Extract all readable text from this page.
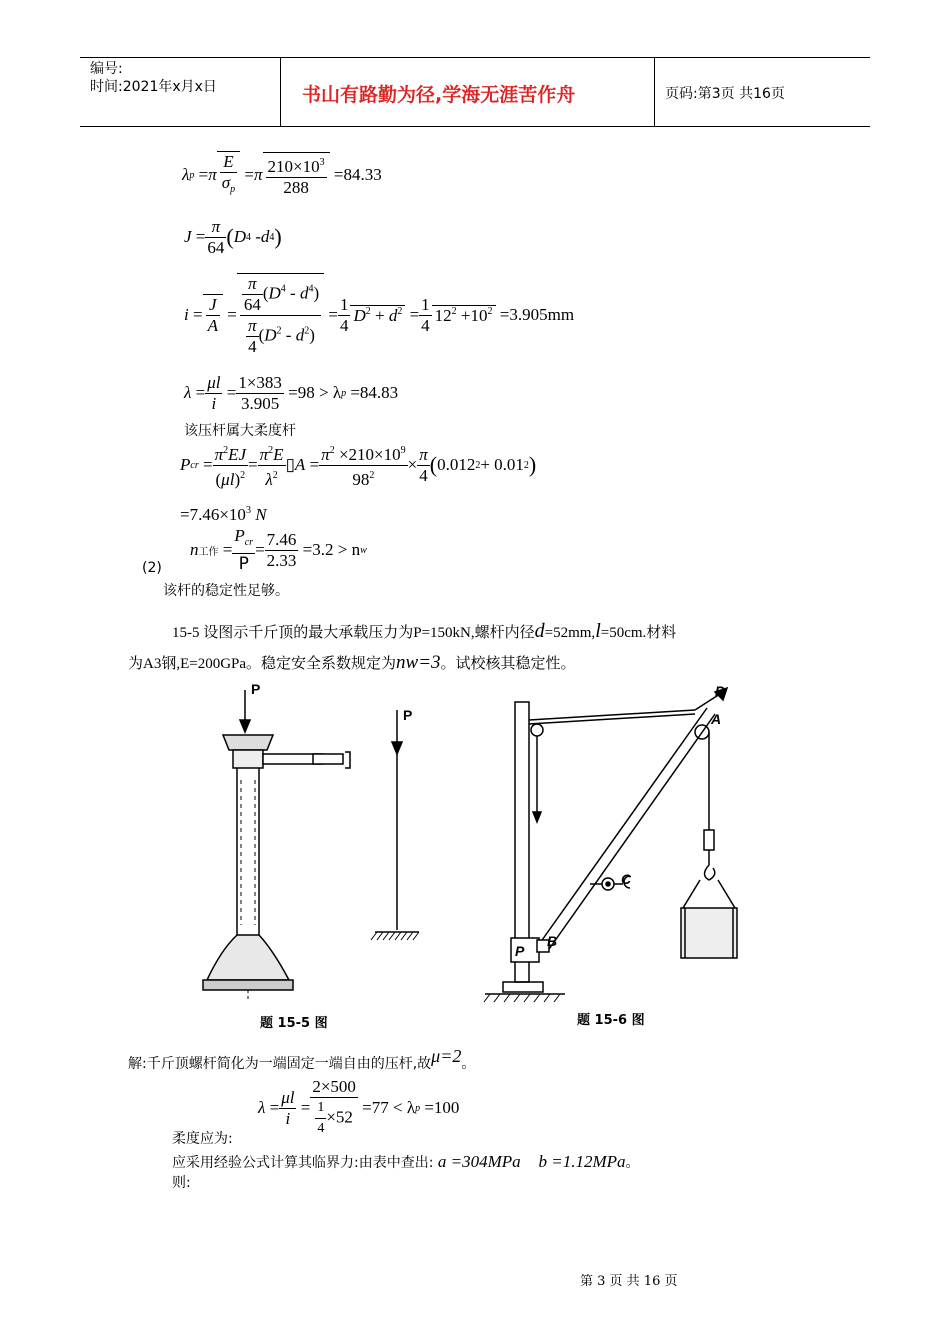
编号:
时间:2021年x月x日	书山有路勤为径,学海无涯苦作舟	页码:第3页 共16页
λ p = π $\frac{E}{\sigma_p} = \pi \frac{210\times 10^3}{288}$
=84.33
$J = \frac{\pi}{64}$ ( D 4 - d 4 )
$i = \frac{J}{A} = \frac{\frac{\pi}{64} (D^4 - d^4)}{\frac{\pi}{4} (D^2 - d^2)} = \frac{1}{4} D^2 + d^2 = \frac{1}{4} 12^2 +10^2$
=3.905mm
$\lambda = \frac{\mu l}{i} = \frac{1\times 383}{3.905}$
=98 > λ p
=84.83
该压杆属大柔度杆
P cr = $\frac{\pi^2EJ}{(\mu l)^2} = \frac{\pi^2E}{\lambda^2}$ ▯ $A = \frac{\pi^2 \times 210\times 10^9}{98^2} \times \frac{\pi}{4}$ ( 0.012 2 + 0.01 2 )
$=7.46\times 10^3$ N
n 工作 = $\frac{P_{cr}}{P} = \frac{7.46}{2.33}$
=3.2 > n w
(2)
该杆的稳定性足够。
15-5 设图示千斤顶的最大承载压力为P=150kN,螺杆内径d=52mm,l=50cm.材料
为A3钢,E=200GPa。稳定安全系数规定为nw=3。试校核其稳定性。
P
P
P
A
B
P
C
题 15-5 图	题 15-6 图
解:千斤顶螺杆简化为一端固定一端自由的压杆,故μ=2。
$\lambda = \frac{\mu l}{i} = \frac{2\times 500}{\frac{1}{4} \times 52}$
=77 < λ p
=100
柔度应为:
应采用经验公式计算其临界力:由表中查出: a =304MPa b =1.12MPa。
则:
第 3 页 共 16 页
